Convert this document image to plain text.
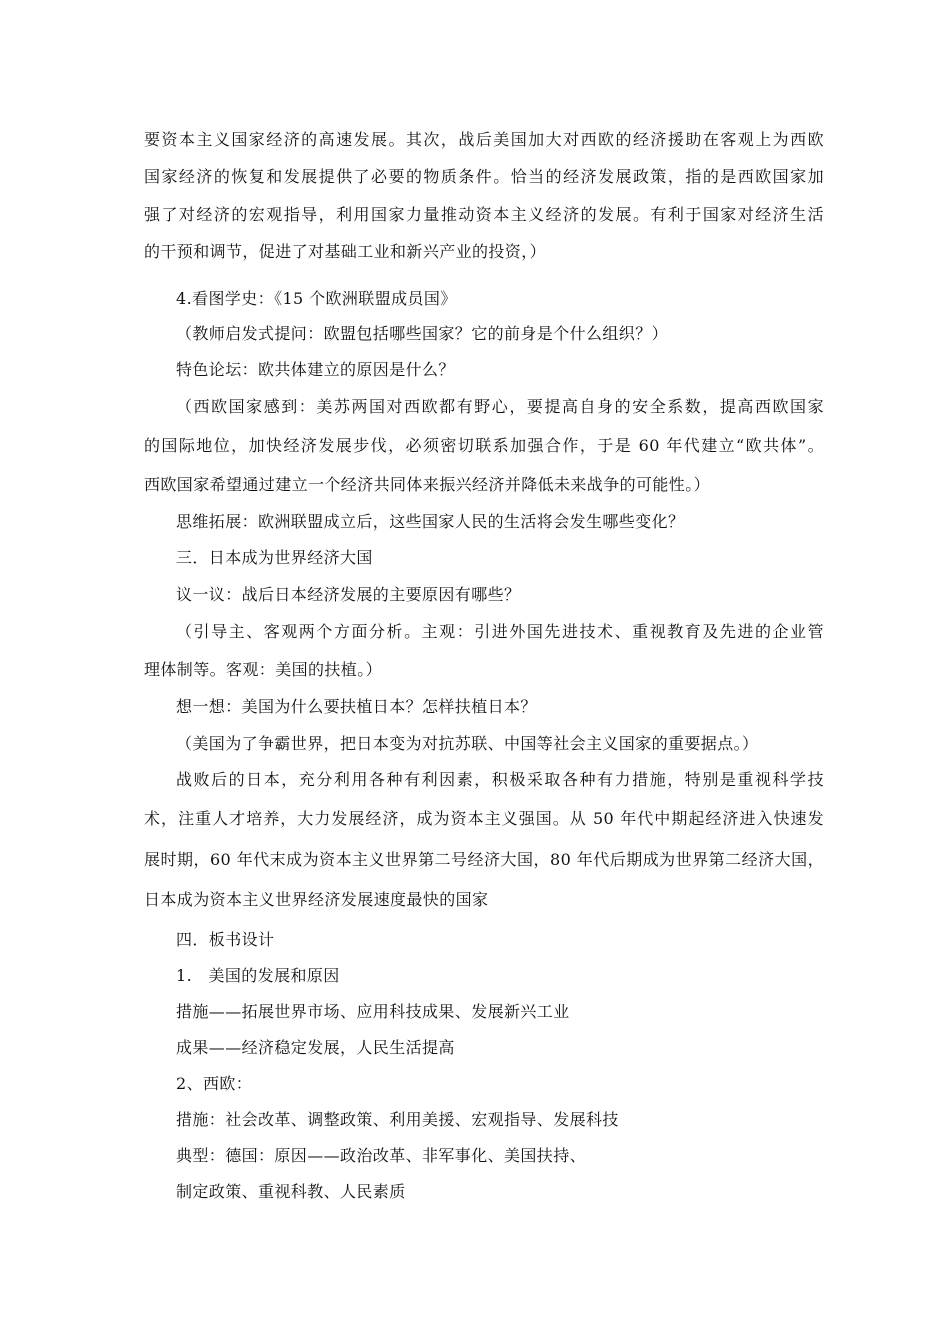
要资本主义国家经济的高速发展。其次，战后美国加大对西欧的经济援助在客观上为西欧

国家经济的恢复和发展提供了必要的物质条件。恰当的经济发展政策，指的是西欧国家加

强了对经济的宏观指导，利用国家力量推动资本主义经济的发展。有利于国家对经济生活

的干预和调节，促进了对基础工业和新兴产业的投资，）

4.看图学史：《15 个欧洲联盟成员国》

（教师启发式提问：欧盟包括哪些国家？它的前身是个什么组织？）

特色论坛：欧共体建立的原因是什么？

（西欧国家感到：美苏两国对西欧都有野心，要提高自身的安全系数，提高西欧国家

的国际地位，加快经济发展步伐，必须密切联系加强合作，于是 60 年代建立“欧共体”。

西欧国家希望通过建立一个经济共同体来振兴经济并降低未来战争的可能性。）

思维拓展：欧洲联盟成立后，这些国家人民的生活将会发生哪些变化？

三．日本成为世界经济大国

议一议：战后日本经济发展的主要原因有哪些？

（引导主、客观两个方面分析。主观：引进外国先进技术、重视教育及先进的企业管

理体制等。客观：美国的扶植。）

想一想：美国为什么要扶植日本？怎样扶植日本？

（美国为了争霸世界，把日本变为对抗苏联、中国等社会主义国家的重要据点。）

战败后的日本，充分利用各种有利因素，积极采取各种有力措施，特别是重视科学技

术，注重人才培养，大力发展经济，成为资本主义强国。从 50 年代中期起经济进入快速发

展时期，60 年代末成为资本主义世界第二号经济大国，80 年代后期成为世界第二经济大国，

日本成为资本主义世界经济发展速度最快的国家

四．板书设计

1.　美国的发展和原因

措施——拓展世界市场、应用科技成果、发展新兴工业

成果——经济稳定发展，人民生活提高

2、西欧：

措施：社会改革、调整政策、利用美援、宏观指导、发展科技

典型：德国：原因——政治改革、非军事化、美国扶持、

制定政策、重视科教、人民素质
